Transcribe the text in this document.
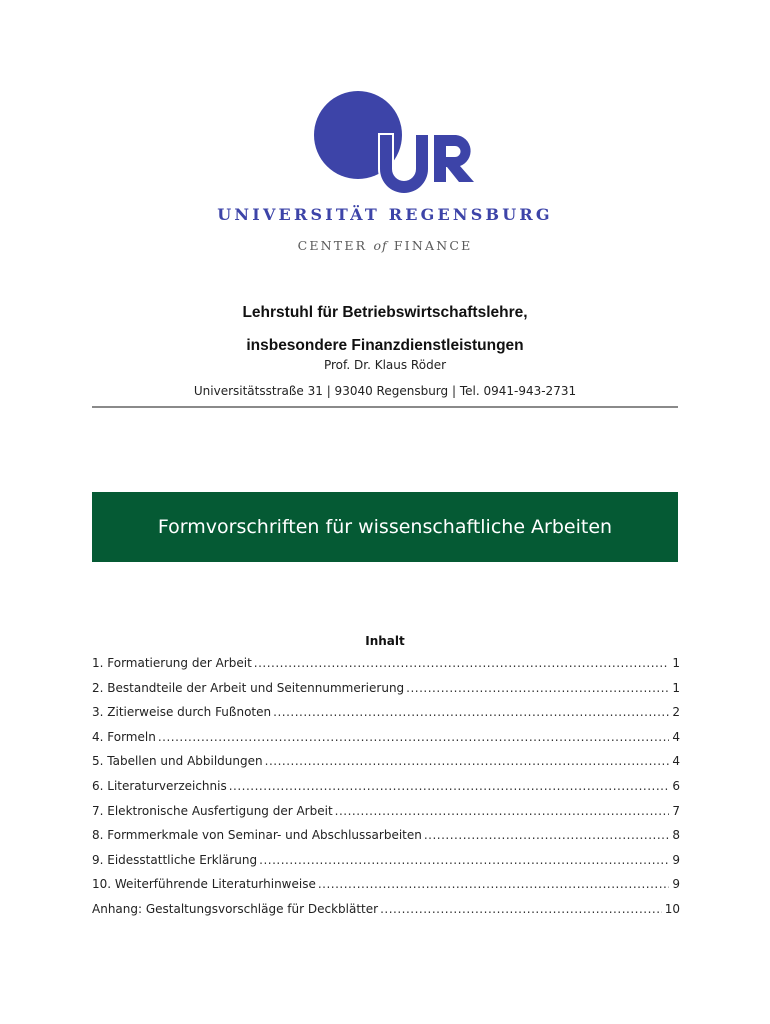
UNIVERSITÄT REGENSBURG
CENTER of FINANCE
Lehrstuhl für Betriebswirtschaftslehre,
insbesondere Finanzdienstleistungen
Prof. Dr. Klaus Röder
Universitätsstraße 31 | 93040 Regensburg | Tel. 0941-943-2731
Formvorschriften für wissenschaftliche Arbeiten
Inhalt
1. Formatierung der Arbeit .....	1
2. Bestandteile der Arbeit und Seitennummerierung .....	1
3. Zitierweise durch Fußnoten .....	2
4. Formeln .....	4
5. Tabellen und Abbildungen .....	4
6. Literaturverzeichnis .....	6
7. Elektronische Ausfertigung der Arbeit .....	7
8. Formmerkmale von Seminar- und Abschlussarbeiten .....	8
9. Eidesstattliche Erklärung .....	9
10. Weiterführende Literaturhinweise .....	9
Anhang: Gestaltungsvorschläge für Deckblätter .....	10
